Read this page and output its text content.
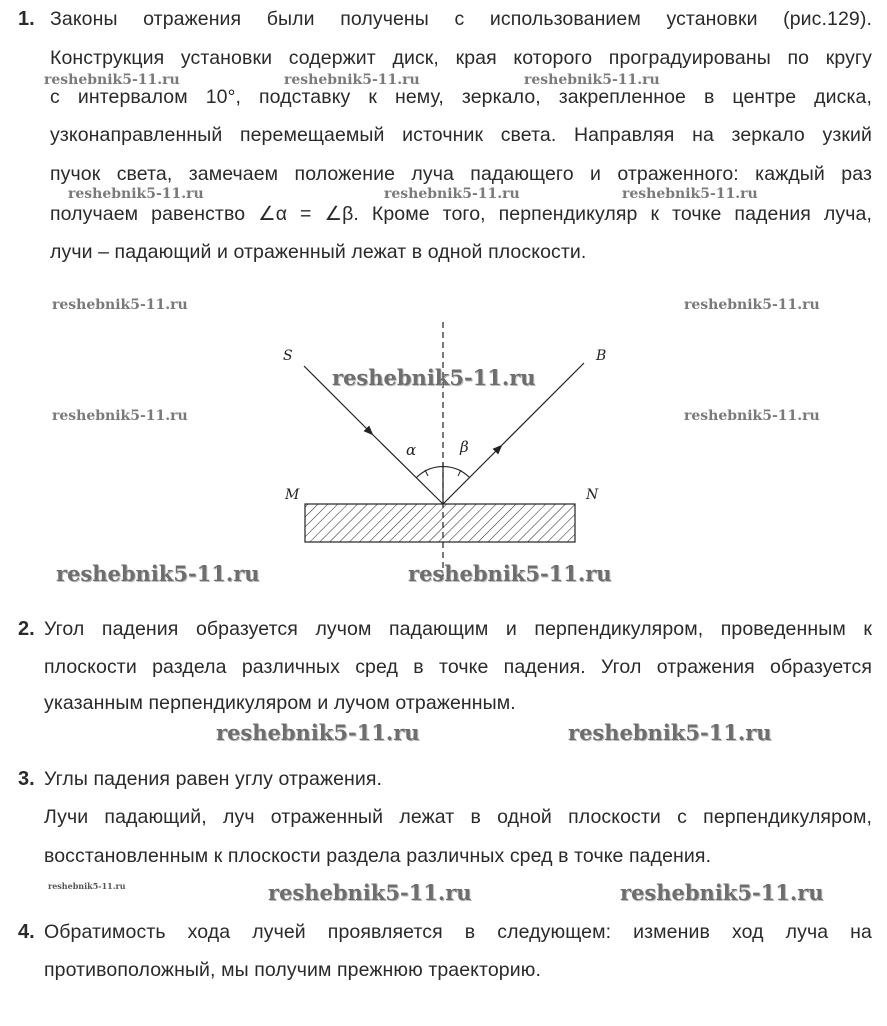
1. Законы отражения были получены с использованием установки (рис.129).
Конструкция установки содержит диск, края которого проградуированы по кругу
с интервалом 10°, подставку к нему, зеркало, закрепленное в центре диска,
узконаправленный перемещаемый источник света. Направляя на зеркало узкий
пучок света, замечаем положение луча падающего и отраженного: каждый раз
получаем равенство ∠α = ∠β. Кроме того, перпендикуляр к точке падения луча,
лучи – падающий и отраженный лежат в одной плоскости.
S	B
M	N
α	β
2. Угол падения образуется лучом падающим и перпендикуляром, проведенным к
плоскости раздела различных сред в точке падения. Угол отражения образуется
указанным перпендикуляром и лучом отраженным.
3. Углы падения равен углу отражения.
Лучи падающий, луч отраженный лежат в одной плоскости с перпендикуляром,
восстановленным к плоскости раздела различных сред в точке падения.
4. Обратимость хода лучей проявляется в следующем: изменив ход луча на
противоположный, мы получим прежнюю траекторию.
reshebnik5-11.ru	reshebnik5-11.ru	reshebnik5-11.ru
reshebnik5-11.ru	reshebnik5-11.ru	reshebnik5-11.ru
reshebnik5-11.ru	reshebnik5-11.ru
reshebnik5-11.ru	reshebnik5-11.ru
reshebnik5-11.ru
reshebnik5-11.ru	reshebnik5-11.ru
reshebnik5-11.ru	reshebnik5-11.ru
reshebnik5-11.ru	reshebnik5-11.ru	reshebnik5-11.ru
